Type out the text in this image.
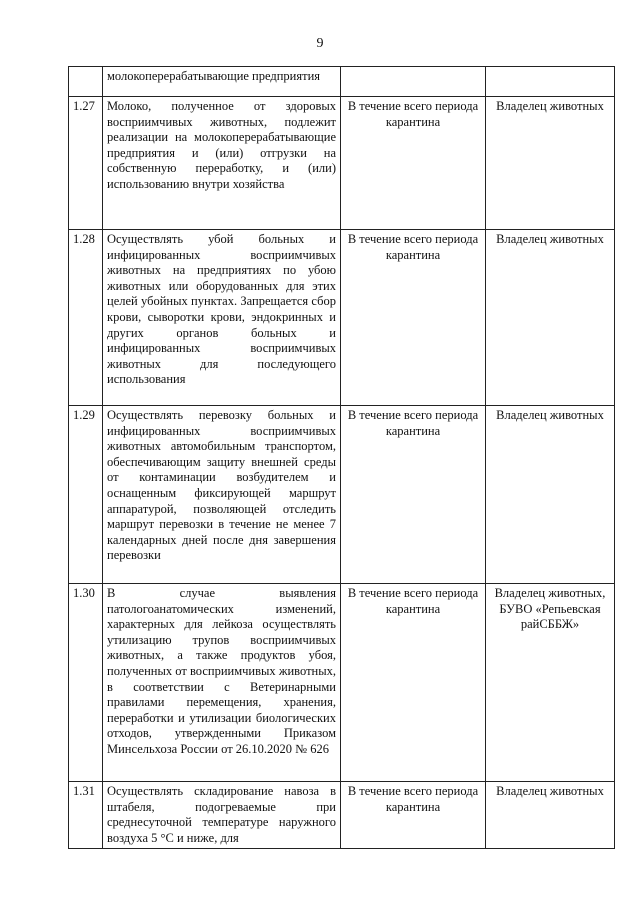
9
	молокоперерабатывающие предприятия		
1.27	Молоко, полученное от здоровых восприимчивых животных, подлежит реализации на молокоперерабатывающие предприятия и (или) отгрузки на собственную переработку, и (или) использованию внутри хозяйства	В течение всего периода карантина	Владелец животных
1.28	Осуществлять убой больных и инфицированных восприимчивых животных на предприятиях по убою животных или оборудованных для этих целей убойных пунктах. Запрещается сбор крови, сыворотки крови, эндокринных и других органов больных и инфицированных восприимчивых животных для последующего использования	В течение всего периода карантина	Владелец животных
1.29	Осуществлять перевозку больных и инфицированных восприимчивых животных автомобильным транспортом, обеспечивающим защиту внешней среды от контаминации возбудителем и оснащенным фиксирующей маршрут аппаратурой, позволяющей отследить маршрут перевозки в течение не менее 7 календарных дней после дня завершения перевозки	В течение всего периода карантина	Владелец животных
1.30	В случае выявления патологоанатомических изменений, характерных для лейкоза осуществлять утилизацию трупов восприимчивых животных, а также продуктов убоя, полученных от восприимчивых животных, в соответствии с Ветеринарными правилами перемещения, хранения, переработки и утилизации биологических отходов, утвержденными Приказом Минсельхоза России от 26.10.2020 № 626	В течение всего периода карантина	Владелец животных, БУВО «Репьевская райСББЖ»
1.31	Осуществлять складирование навоза в штабеля, подогреваемые при среднесуточной температуре наружного воздуха 5 °С и ниже, для	В течение всего периода карантина	Владелец животных
